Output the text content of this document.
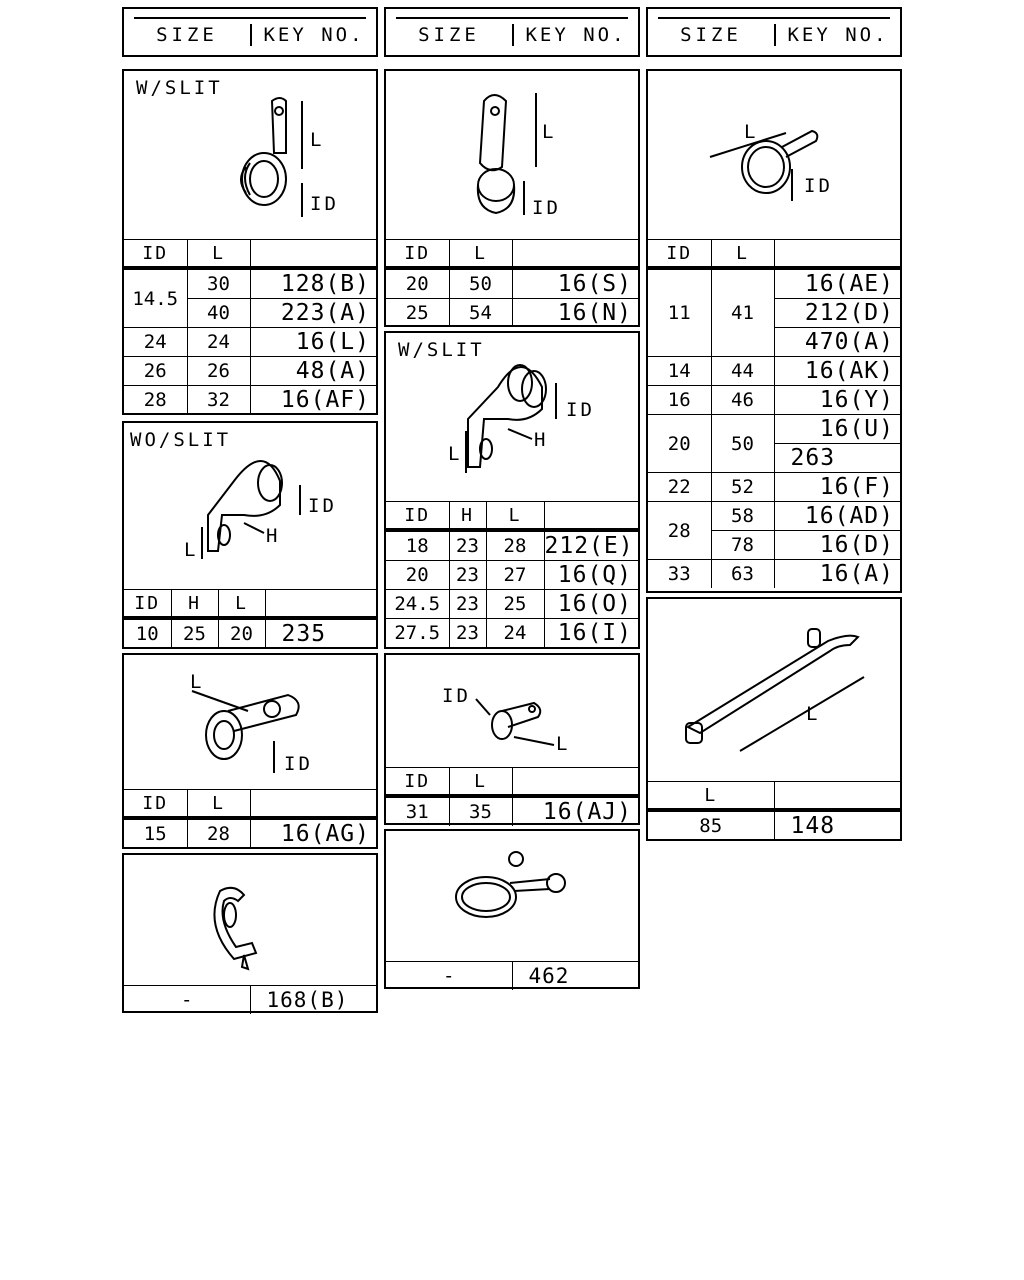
SIZE	KEY NO.	SIZE	KEY NO.	SIZE	KEY NO.
W/SLIT
L
ID
ID	L	
14.5	30	128(B)
	40	223(A)
24	24	16(L)
26	26	48(A)
28	32	16(AF)
WO/SLIT
ID
L
H
ID	H	L	
10	25	20	235
L
ID
ID	L	
15	28	16(AG)
-	168(B)
L
ID
ID	L	
20	50	16(S)
25	54	16(N)
W/SLIT
ID
L
H
ID	H	L	
18	23	28	212(E)
20	23	27	16(Q)
24.5	23	25	16(O)
27.5	23	24	16(I)
ID
L
ID	L	
31	35	16(AJ)
-	462
L
ID
ID	L	
11	41	16(AE)
		212(D)
		470(A)
14	44	16(AK)
16	46	16(Y)
20	50	16(U)
		263
22	52	16(F)
28	58	16(AD)
	78	16(D)
33	63	16(A)
L
L	
85	148
